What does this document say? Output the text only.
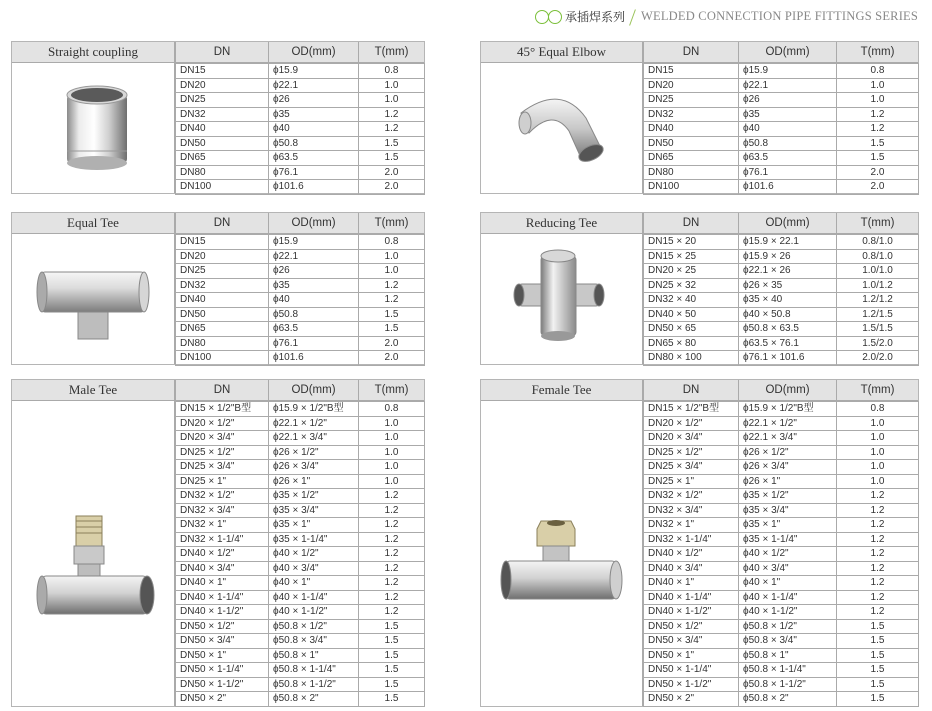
承插焊系列 WELDED CONNECTION PIPE FITTINGS SERIES
Straight coupling	DN	OD(mm)	T(mm)
DN15	ϕ15.9	0.8
DN20	ϕ22.1	1.0
DN25	ϕ26	1.0
DN32	ϕ35	1.2
DN40	ϕ40	1.2
DN50	ϕ50.8	1.5
DN65	ϕ63.5	1.5
DN80	ϕ76.1	2.0
DN100	ϕ101.6	2.0
45° Equal Elbow	DN	OD(mm)	T(mm)
DN15	ϕ15.9	0.8
DN20	ϕ22.1	1.0
DN25	ϕ26	1.0
DN32	ϕ35	1.2
DN40	ϕ40	1.2
DN50	ϕ50.8	1.5
DN65	ϕ63.5	1.5
DN80	ϕ76.1	2.0
DN100	ϕ101.6	2.0
Equal Tee	DN	OD(mm)	T(mm)
DN15	ϕ15.9	0.8
DN20	ϕ22.1	1.0
DN25	ϕ26	1.0
DN32	ϕ35	1.2
DN40	ϕ40	1.2
DN50	ϕ50.8	1.5
DN65	ϕ63.5	1.5
DN80	ϕ76.1	2.0
DN100	ϕ101.6	2.0
Reducing Tee	DN	OD(mm)	T(mm)
DN15 × 20	ϕ15.9 × 22.1	0.8/1.0
DN15 × 25	ϕ15.9 × 26	0.8/1.0
DN20 × 25	ϕ22.1 × 26	1.0/1.0
DN25 × 32	ϕ26 × 35	1.0/1.2
DN32 × 40	ϕ35 × 40	1.2/1.2
DN40 × 50	ϕ40 × 50.8	1.2/1.5
DN50 × 65	ϕ50.8 × 63.5	1.5/1.5
DN65 × 80	ϕ63.5 × 76.1	1.5/2.0
DN80 × 100	ϕ76.1 × 101.6	2.0/2.0
Male Tee	DN	OD(mm)	T(mm)
DN15 × 1/2"B型	ϕ15.9 × 1/2"B型	0.8
DN20 × 1/2"	ϕ22.1 × 1/2"	1.0
DN20 × 3/4"	ϕ22.1 × 3/4"	1.0
DN25 × 1/2"	ϕ26 × 1/2"	1.0
DN25 × 3/4"	ϕ26 × 3/4"	1.0
DN25 × 1"	ϕ26 × 1"	1.0
DN32 × 1/2"	ϕ35 × 1/2"	1.2
DN32 × 3/4"	ϕ35 × 3/4"	1.2
DN32 × 1"	ϕ35 × 1"	1.2
DN32 × 1-1/4"	ϕ35 × 1-1/4"	1.2
DN40 × 1/2"	ϕ40 × 1/2"	1.2
DN40 × 3/4"	ϕ40 × 3/4"	1.2
DN40 × 1"	ϕ40 × 1"	1.2
DN40 × 1-1/4"	ϕ40 × 1-1/4"	1.2
DN40 × 1-1/2"	ϕ40 × 1-1/2"	1.2
DN50 × 1/2"	ϕ50.8 × 1/2"	1.5
DN50 × 3/4"	ϕ50.8 × 3/4"	1.5
DN50 × 1"	ϕ50.8 × 1"	1.5
DN50 × 1-1/4"	ϕ50.8 × 1-1/4"	1.5
DN50 × 1-1/2"	ϕ50.8 × 1-1/2"	1.5
DN50 × 2"	ϕ50.8 × 2"	1.5
Female Tee	DN	OD(mm)	T(mm)
DN15 × 1/2"B型	ϕ15.9 × 1/2"B型	0.8
DN20 × 1/2"	ϕ22.1 × 1/2"	1.0
DN20 × 3/4"	ϕ22.1 × 3/4"	1.0
DN25 × 1/2"	ϕ26 × 1/2"	1.0
DN25 × 3/4"	ϕ26 × 3/4"	1.0
DN25 × 1"	ϕ26 × 1"	1.0
DN32 × 1/2"	ϕ35 × 1/2"	1.2
DN32 × 3/4"	ϕ35 × 3/4"	1.2
DN32 × 1"	ϕ35 × 1"	1.2
DN32 × 1-1/4"	ϕ35 × 1-1/4"	1.2
DN40 × 1/2"	ϕ40 × 1/2"	1.2
DN40 × 3/4"	ϕ40 × 3/4"	1.2
DN40 × 1"	ϕ40 × 1"	1.2
DN40 × 1-1/4"	ϕ40 × 1-1/4"	1.2
DN40 × 1-1/2"	ϕ40 × 1-1/2"	1.2
DN50 × 1/2"	ϕ50.8 × 1/2"	1.5
DN50 × 3/4"	ϕ50.8 × 3/4"	1.5
DN50 × 1"	ϕ50.8 × 1"	1.5
DN50 × 1-1/4"	ϕ50.8 × 1-1/4"	1.5
DN50 × 1-1/2"	ϕ50.8 × 1-1/2"	1.5
DN50 × 2"	ϕ50.8 × 2"	1.5
